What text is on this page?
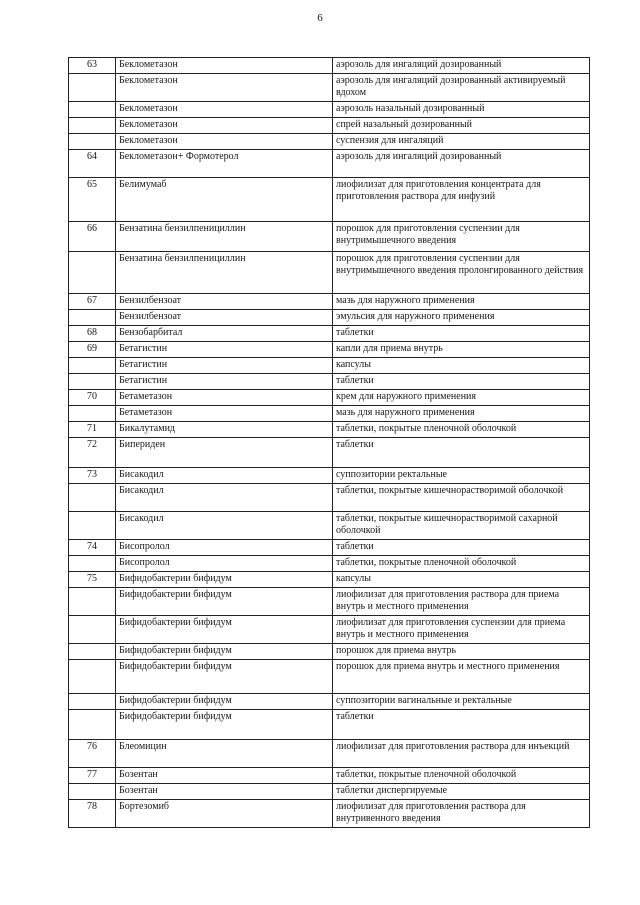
6
63	Беклометазон	аэрозоль для ингаляций дозированный
	Беклометазон	аэрозоль для ингаляций дозированный активируемый вдохом
	Беклометазон	аэрозоль назальный дозированный
	Беклометазон	спрей назальный дозированный
	Беклометазон	суспензия для ингаляций
64	Беклометазон+ Формотерол	аэрозоль для ингаляций дозированный
65	Белимумаб	лиофилизат для приготовления концентрата для приготовления раствора для инфузий
66	Бензатина бензилпенициллин	порошок для приготовления суспензии для внутримышечного введения
	Бензатина бензилпенициллин	порошок для приготовления суспензии для внутримышечного введения пролонгированного действия
67	Бензилбензоат	мазь для наружного применения
	Бензилбензоат	эмульсия для наружного применения
68	Бензобарбитал	таблетки
69	Бетагистин	капли для приема внутрь
	Бетагистин	капсулы
	Бетагистин	таблетки
70	Бетаметазон	крем для наружного применения
	Бетаметазон	мазь для наружного применения
71	Бикалутамид	таблетки, покрытые пленочной оболочкой
72	Бипериден	таблетки
73	Бисакодил	суппозитории ректальные
	Бисакодил	таблетки, покрытые кишечнорастворимой оболочкой
	Бисакодил	таблетки, покрытые кишечнорастворимой сахарной оболочкой
74	Бисопролол	таблетки
	Бисопролол	таблетки, покрытые пленочной оболочкой
75	Бифидобактерии бифидум	капсулы
	Бифидобактерии бифидум	лиофилизат для приготовления раствора для приема внутрь и местного применения
	Бифидобактерии бифидум	лиофилизат для приготовления суспензии для приема внутрь и местного применения
	Бифидобактерии бифидум	порошок для приема внутрь
	Бифидобактерии бифидум	порошок для приема внутрь и местного применения
	Бифидобактерии бифидум	суппозитории вагинальные и ректальные
	Бифидобактерии бифидум	таблетки
76	Блеомицин	лиофилизат для приготовления раствора для инъекций
77	Бозентан	таблетки, покрытые пленочной оболочкой
	Бозентан	таблетки диспергируемые
78	Бортезомиб	лиофилизат для приготовления раствора для внутривенного введения
